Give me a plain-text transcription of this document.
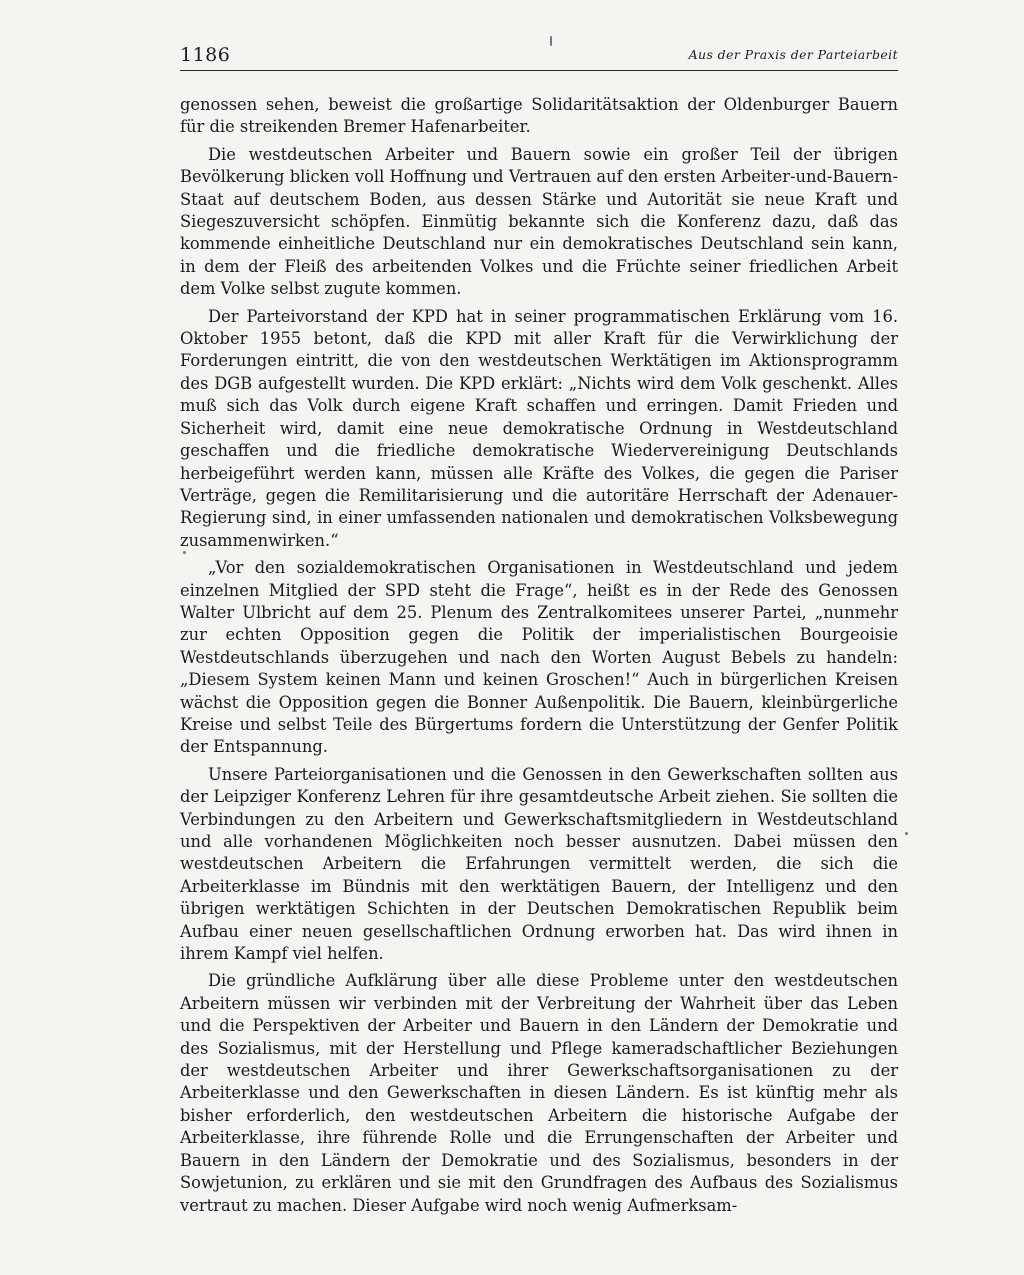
1186	Aus der Praxis der Parteiarbeit

genossen sehen, beweist die großartige Solidaritätsaktion der Oldenburger Bauern für die streikenden Bremer Hafenarbeiter.

Die westdeutschen Arbeiter und Bauern sowie ein großer Teil der übrigen Bevölkerung blicken voll Hoffnung und Vertrauen auf den ersten Arbeiter-und-Bauern-Staat auf deutschem Boden, aus dessen Stärke und Autorität sie neue Kraft und Siegeszuversicht schöpfen. Einmütig bekannte sich die Konferenz dazu, daß das kommende einheitliche Deutschland nur ein demokratisches Deutschland sein kann, in dem der Fleiß des arbeitenden Volkes und die Früchte seiner friedlichen Arbeit dem Volke selbst zugute kommen.

Der Parteivorstand der KPD hat in seiner programmatischen Erklärung vom 16. Oktober 1955 betont, daß die KPD mit aller Kraft für die Verwirklichung der Forderungen eintritt, die von den westdeutschen Werktätigen im Aktionsprogramm des DGB aufgestellt wurden. Die KPD erklärt: „Nichts wird dem Volk geschenkt. Alles muß sich das Volk durch eigene Kraft schaffen und erringen. Damit Frieden und Sicherheit wird, damit eine neue demokratische Ordnung in Westdeutschland geschaffen und die friedliche demokratische Wiedervereinigung Deutschlands herbeigeführt werden kann, müssen alle Kräfte des Volkes, die gegen die Pariser Verträge, gegen die Remilitarisierung und die autoritäre Herrschaft der Adenauer-Regierung sind, in einer umfassenden nationalen und demokratischen Volksbewegung zusammenwirken.“

„Vor den sozialdemokratischen Organisationen in Westdeutschland und jedem einzelnen Mitglied der SPD steht die Frage“, heißt es in der Rede des Genossen Walter Ulbricht auf dem 25. Plenum des Zentralkomitees unserer Partei, „nunmehr zur echten Opposition gegen die Politik der imperialistischen Bourgeoisie Westdeutschlands überzugehen und nach den Worten August Bebels zu handeln: „Diesem System keinen Mann und keinen Groschen!“ Auch in bürgerlichen Kreisen wächst die Opposition gegen die Bonner Außenpolitik. Die Bauern, kleinbürgerliche Kreise und selbst Teile des Bürgertums fordern die Unterstützung der Genfer Politik der Entspannung.

Unsere Parteiorganisationen und die Genossen in den Gewerkschaften sollten aus der Leipziger Konferenz Lehren für ihre gesamtdeutsche Arbeit ziehen. Sie sollten die Verbindungen zu den Arbeitern und Gewerkschaftsmitgliedern in Westdeutschland und alle vorhandenen Möglichkeiten noch besser ausnutzen. Dabei müssen den westdeutschen Arbeitern die Erfahrungen vermittelt werden, die sich die Arbeiterklasse im Bündnis mit den werktätigen Bauern, der Intelligenz und den übrigen werktätigen Schichten in der Deutschen Demokratischen Republik beim Aufbau einer neuen gesellschaftlichen Ordnung erworben hat. Das wird ihnen in ihrem Kampf viel helfen.

Die gründliche Aufklärung über alle diese Probleme unter den westdeutschen Arbeitern müssen wir verbinden mit der Verbreitung der Wahrheit über das Leben und die Perspektiven der Arbeiter und Bauern in den Ländern der Demokratie und des Sozialismus, mit der Herstellung und Pflege kameradschaftlicher Beziehungen der westdeutschen Arbeiter und ihrer Gewerkschaftsorganisationen zu der Arbeiterklasse und den Gewerkschaften in diesen Ländern. Es ist künftig mehr als bisher erforderlich, den westdeutschen Arbeitern die historische Aufgabe der Arbeiterklasse, ihre führende Rolle und die Errungenschaften der Arbeiter und Bauern in den Ländern der Demokratie und des Sozialismus, besonders in der Sowjetunion, zu erklären und sie mit den Grundfragen des Aufbaus des Sozialismus vertraut zu machen. Dieser Aufgabe wird noch wenig Aufmerksam-
